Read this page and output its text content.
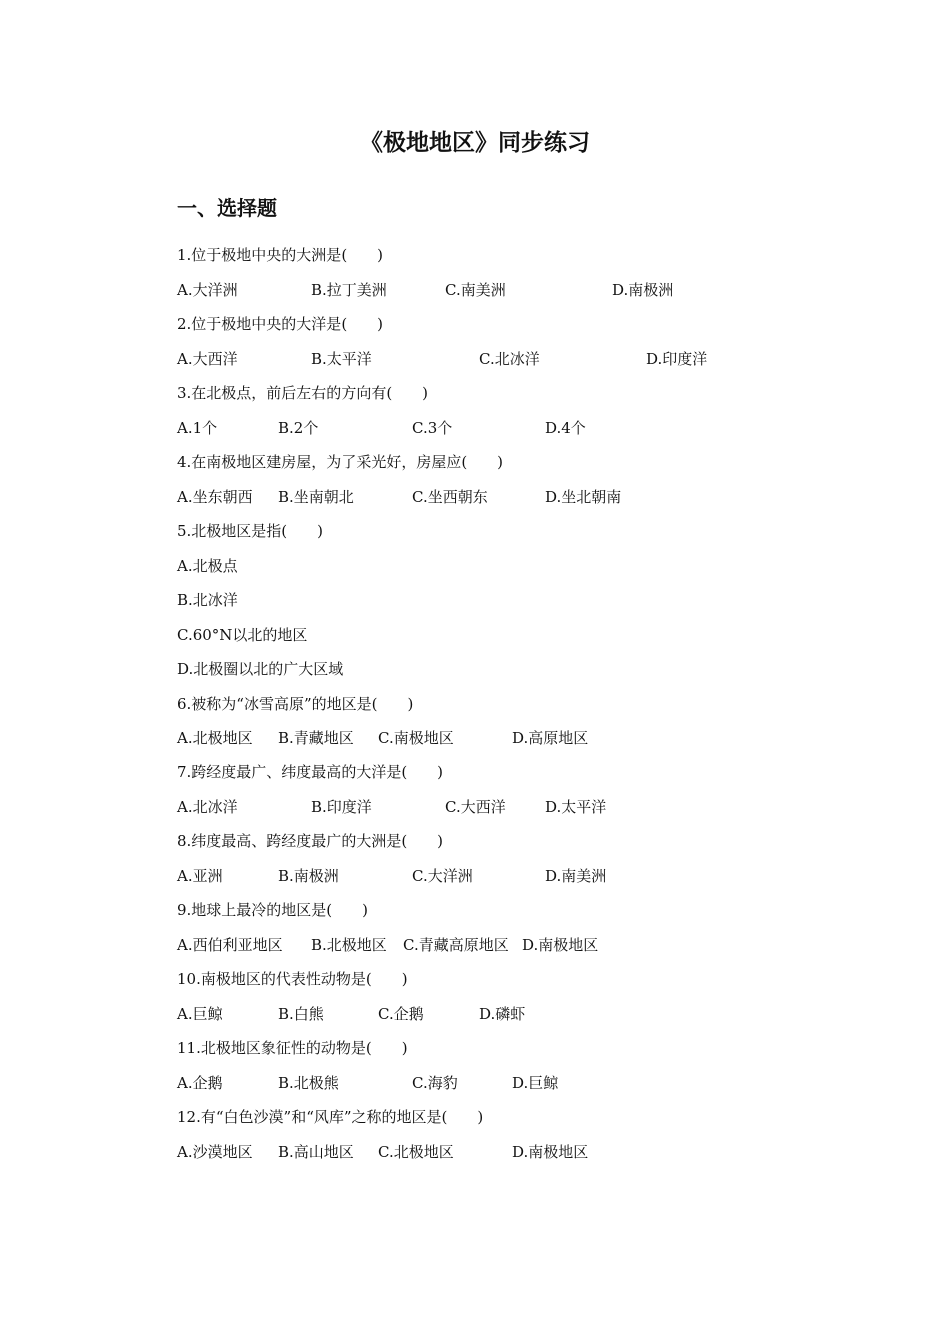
《极地地区》同步练习
一、选择题
1.位于极地中央的大洲是(　　)
A.大洋洲	B.拉丁美洲	C.南美洲	D.南极洲
2.位于极地中央的大洋是(　　)
A.大西洋	B.太平洋	C.北冰洋	D.印度洋
3.在北极点，前后左右的方向有(　　)
A.1个	B.2个	C.3个	D.4个
4.在南极地区建房屋，为了采光好，房屋应(　　)
A.坐东朝西 B.坐南朝北	C.坐西朝东	D.坐北朝南
5.北极地区是指(　　)
A.北极点
B.北冰洋
C.60°N以北的地区
D.北极圈以北的广大区域
6.被称为“冰雪高原”的地区是(　　)
A.北极地区 B.青藏地区 C.南极地区	D.高原地区
7.跨经度最广、纬度最高的大洋是(　　)
A.北冰洋	B.印度洋	C.大西洋	D.太平洋
8.纬度最高、跨经度最广的大洲是(　　)
A.亚洲	B.南极洲	C.大洋洲	D.南美洲
9.地球上最冷的地区是(　　)
A.西伯利亚地区 B.北极地区 C.青藏高原地区 D.南极地区
10.南极地区的代表性动物是(　　)
A.巨鲸	B.白熊	C.企鹅	D.磷虾
11.北极地区象征性的动物是(　　)
A.企鹅	B.北极熊	C.海豹	D.巨鲸
12.有“白色沙漠”和“风库”之称的地区是(　　)
A.沙漠地区 B.高山地区 C.北极地区	D.南极地区
